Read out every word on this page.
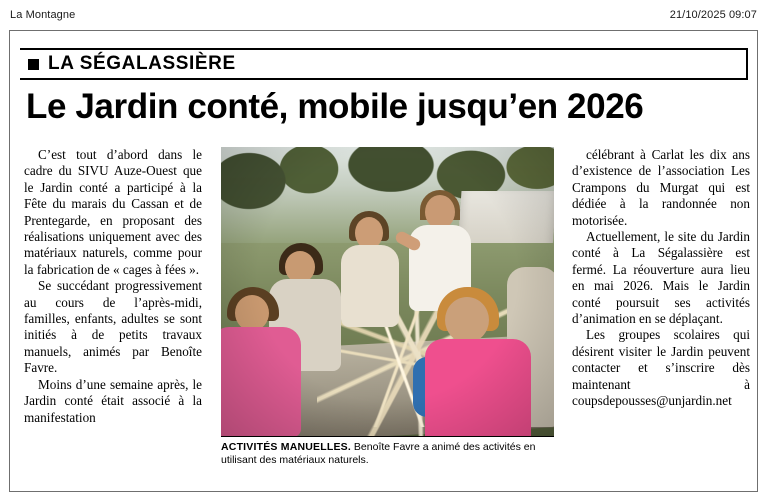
La Montagne	21/10/2025 09:07
LA SÉGALASSIÈRE
Le Jardin conté, mobile jusqu’en 2026

C’est tout d’abord dans le cadre du SIVU Auze-Ouest que le Jardin conté a participé à la Fête du marais du Cassan et de Prentegarde, en proposant des réalisations uniquement avec des matériaux naturels, comme pour la fabrication de « cages à fées ».

Se succédant progressivement au cours de l’après-midi, familles, enfants, adultes se sont initiés à de petits travaux manuels, animés par Benoîte Favre.

Moins d’une semaine après, le Jardin conté était associé à la manifestation

ACTIVITÉS MANUELLES. Benoîte Favre a animé des activités en utilisant des matériaux naturels.

célébrant à Carlat les dix ans d’existence de l’association Les Crampons du Murgat qui est dédiée à la randonnée non motorisée.

Actuellement, le site du Jardin conté à La Ségalassière est fermé. La réouverture aura lieu en mai 2026. Mais le Jardin conté poursuit ses activités d’animation en se déplaçant.

Les groupes scolaires qui désirent visiter le Jardin peuvent contacter et s’inscrire dès maintenant à coupsdepousses@unjardin.net
